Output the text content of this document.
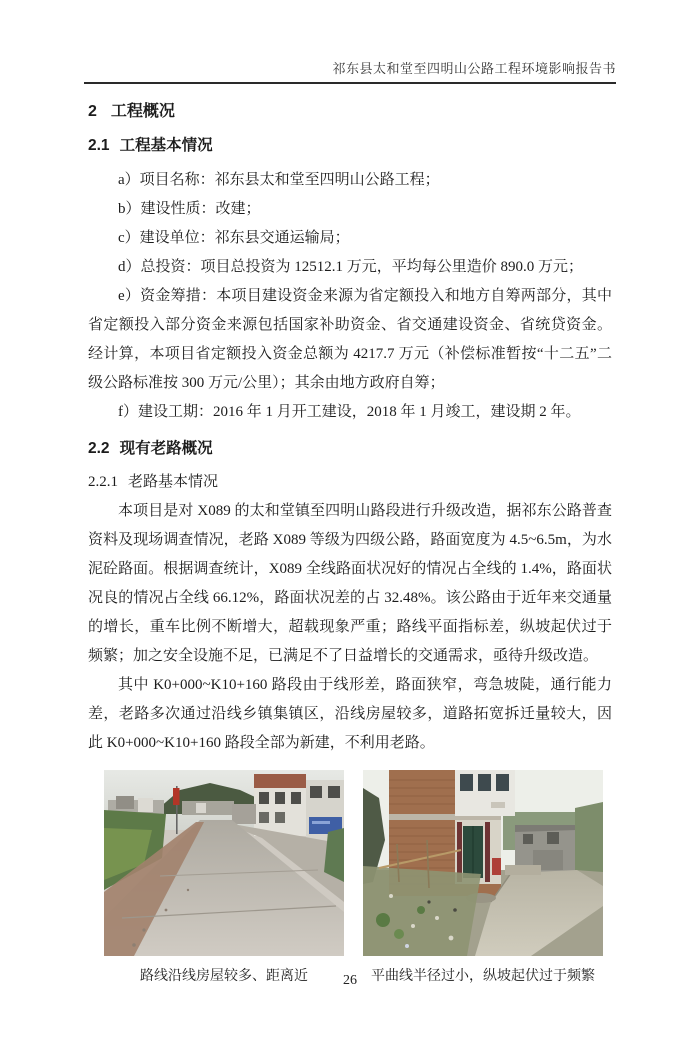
祁东县太和堂至四明山公路工程环境影响报告书
2 工程概况
2.1 工程基本情况

a）项目名称：祁东县太和堂至四明山公路工程；

b）建设性质：改建；

c）建设单位：祁东县交通运输局；

d）总投资：项目总投资为 12512.1 万元，平均每公里造价 890.0 万元；

e）资金筹措：本项目建设资金来源为省定额投入和地方自筹两部分，其中省定额投入部分资金来源包括国家补助资金、省交通建设资金、省统贷资金。经计算，本项目省定额投入资金总额为 4217.7 万元（补偿标准暂按“十二五”二级公路标准按 300 万元/公里）；其余由地方政府自筹；

f）建设工期：2016 年 1 月开工建设，2018 年 1 月竣工，建设期 2 年。

2.2 现有老路概况
2.2.1 老路基本情况

本项目是对 X089 的太和堂镇至四明山路段进行升级改造，据祁东公路普查资料及现场调查情况，老路 X089 等级为四级公路，路面宽度为 4.5~6.5m，为水泥砼路面。根据调查统计，X089 全线路面状况好的情况占全线的 1.4%，路面状况良的情况占全线 66.12%，路面状况差的占 32.48%。该公路由于近年来交通量的增长，重车比例不断增大，超载现象严重；路线平面指标差，纵坡起伏过于频繁；加之安全设施不足，已满足不了日益增长的交通需求，亟待升级改造。

其中 K0+000~K10+160 路段由于线形差，路面狭窄，弯急坡陡，通行能力差，老路多次通过沿线乡镇集镇区，沿线房屋较多，道路拓宽拆迁量较大，因此 K0+000~K10+160 路段全部为新建，不利用老路。

路线沿线房屋较多、距离近	平曲线半径过小，纵坡起伏过于频繁
26
